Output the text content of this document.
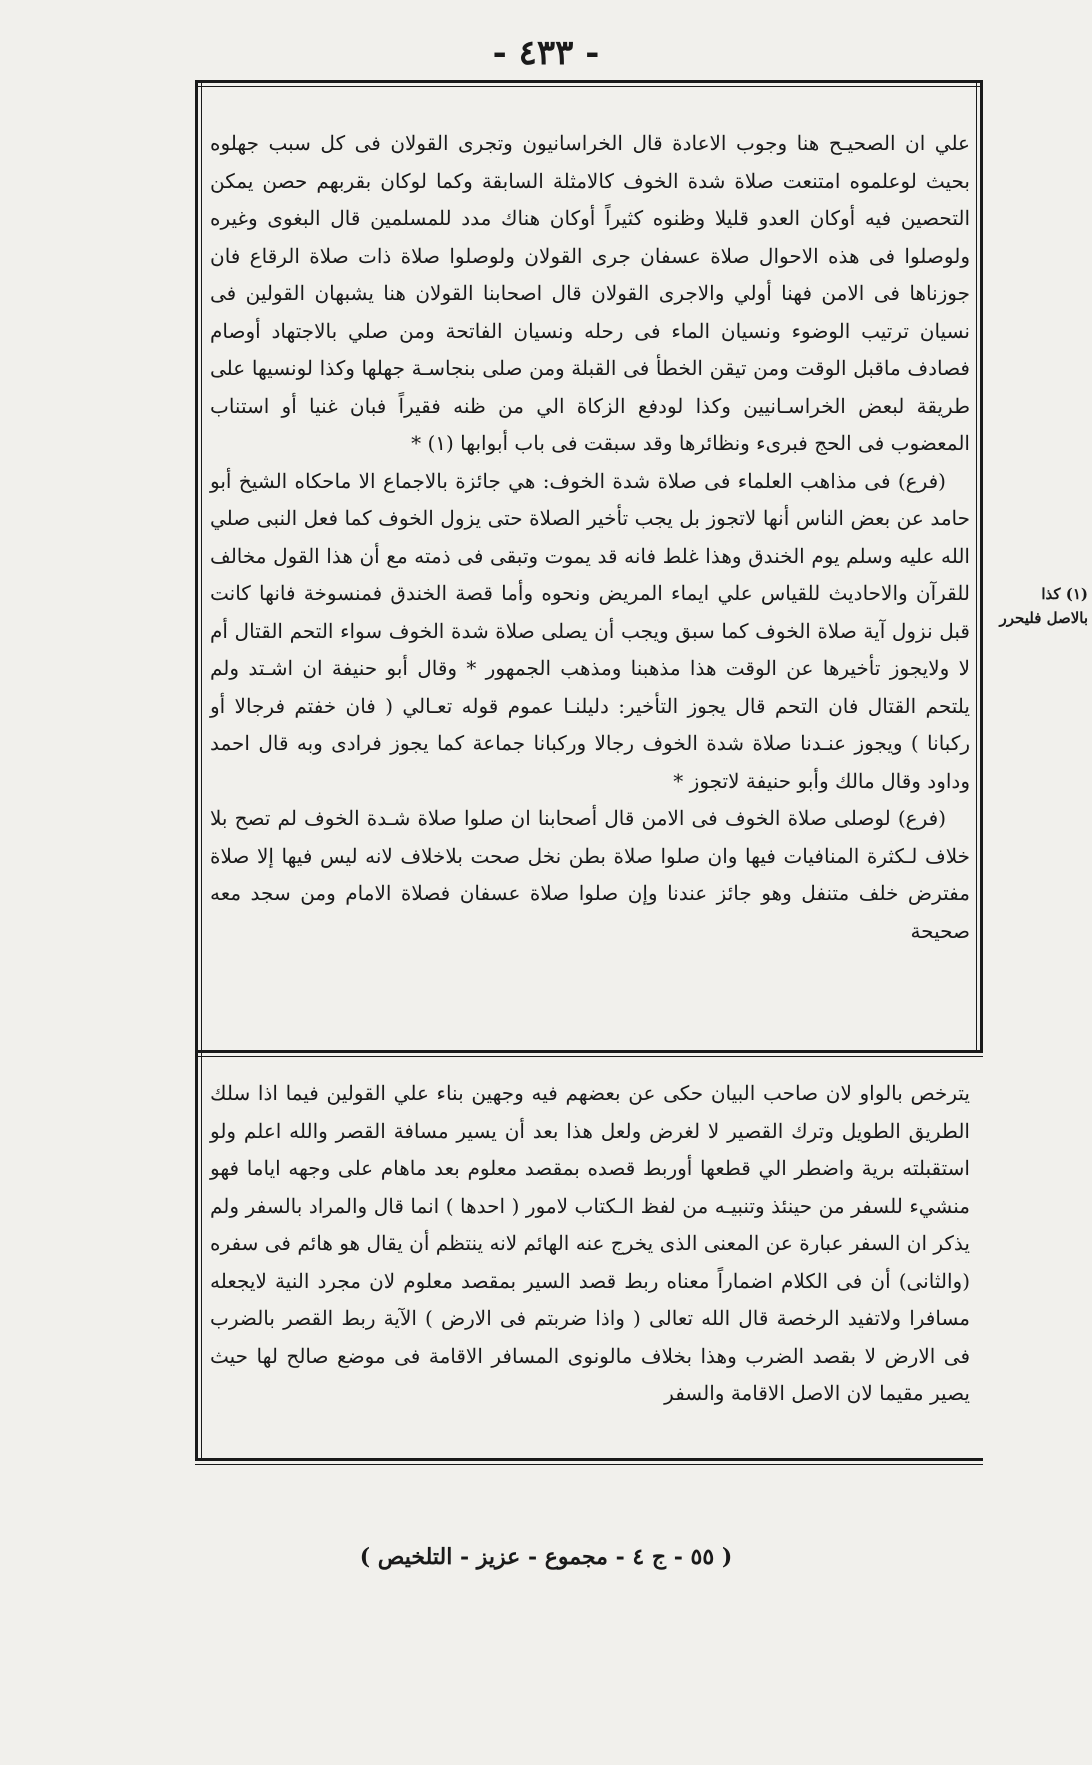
- ٤٣٣ -

علي ان الصحيـح هنا وجوب الاعادة قال الخراسانيون وتجرى القولان فى كل سبب جهلوه بحيث لوعلموه امتنعت صلاة شدة الخوف كالامثلة السابقة وكما لوكان بقربهم حصن يمكن التحصين فيه أوكان العدو قليلا وظنوه كثيراً أوكان هناك مدد للمسلمين قال البغوى وغيره ولوصلوا فى هذه الاحوال صلاة عسفان جرى القولان ولوصلوا صلاة ذات صلاة الرقاع فان جوزناها فى الامن فهنا أولي والاجرى القولان قال اصحابنا القولان هنا يشبهان القولين فى نسيان ترتيب الوضوء ونسيان الماء فى رحله ونسيان الفاتحة ومن صلي بالاجتهاد أوصام فصادف ماقبل الوقت ومن تيقن الخطأ فى القبلة ومن صلى بنجاسـة جهلها وكذا لونسيها على طريقة لبعض الخراسـانيين وكذا لودفع الزكاة الي من ظنه فقيراً فبان غنيا أو استناب المعضوب فى الحج فبرىء ونظائرها وقد سبقت فى باب أبوابها (١) *

(فرع) فى مذاهب العلماء فى صلاة شدة الخوف: هي جائزة بالاجماع الا ماحكاه الشيخ أبو حامد عن بعض الناس أنها لاتجوز بل يجب تأخير الصلاة حتى يزول الخوف كما فعل النبى صلي الله عليه وسلم يوم الخندق وهذا غلط فانه قد يموت وتبقى فى ذمته مع أن هذا القول مخالف للقرآن والاحاديث للقياس علي ايماء المريض ونحوه وأما قصة الخندق فمنسوخة فانها كانت قبل نزول آية صلاة الخوف كما سبق ويجب أن يصلى صلاة شدة الخوف سواء التحم القتال أم لا ولايجوز تأخيرها عن الوقت هذا مذهبنا ومذهب الجمهور * وقال أبو حنيفة ان اشـتد ولم يلتحم القتال فان التحم قال يجوز التأخير: دليلنـا عموم قوله تعـالي ( فان خفتم فرجالا أو ركبانا ) ويجوز عنـدنا صلاة شدة الخوف رجالا وركبانا جماعة كما يجوز فرادى وبه قال احمد وداود وقال مالك وأبو حنيفة لاتجوز *

(فرع) لوصلى صلاة الخوف فى الامن قال أصحابنا ان صلوا صلاة شـدة الخوف لم تصح بلا خلاف لـكثرة المنافيات فيها وان صلوا صلاة بطن نخل صحت بلاخلاف لانه ليس فيها إلا صلاة مفترض خلف متنفل وهو جائز عندنا وإن صلوا صلاة عسفان فصلاة الامام ومن سجد معه صحيحة

(١) كذا بالاصل فليحرر

يترخص بالواو لان صاحب البيان حكى عن بعضهم فيه وجهين بناء علي القولين فيما اذا سلك الطريق الطويل وترك القصير لا لغرض ولعل هذا بعد أن يسير مسافة القصر والله اعلم ولو استقبلته برية واضطر الي قطعها أوربط قصده بمقصد معلوم بعد ماهام على وجهه اياما فهو منشيء للسفر من حينئذ وتنبيـه من لفظ الـكتاب لامور ( احدها ) انما قال والمراد بالسفر ولم يذكر ان السفر عبارة عن المعنى الذى يخرج عنه الهائم لانه ينتظم أن يقال هو هائم فى سفره (والثانى) أن فى الكلام اضماراً معناه ربط قصد السير بمقصد معلوم لان مجرد النية لايجعله مسافرا ولاتفيد الرخصة قال الله تعالى ( واذا ضربتم فى الارض ) الآية ربط القصر بالضرب فى الارض لا بقصد الضرب وهذا بخلاف مالونوى المسافر الاقامة فى موضع صالح لها حيث يصير مقيما لان الاصل الاقامة والسفر

( ٥٥ - ج ٤ - مجموع - عزيز - التلخيص )
